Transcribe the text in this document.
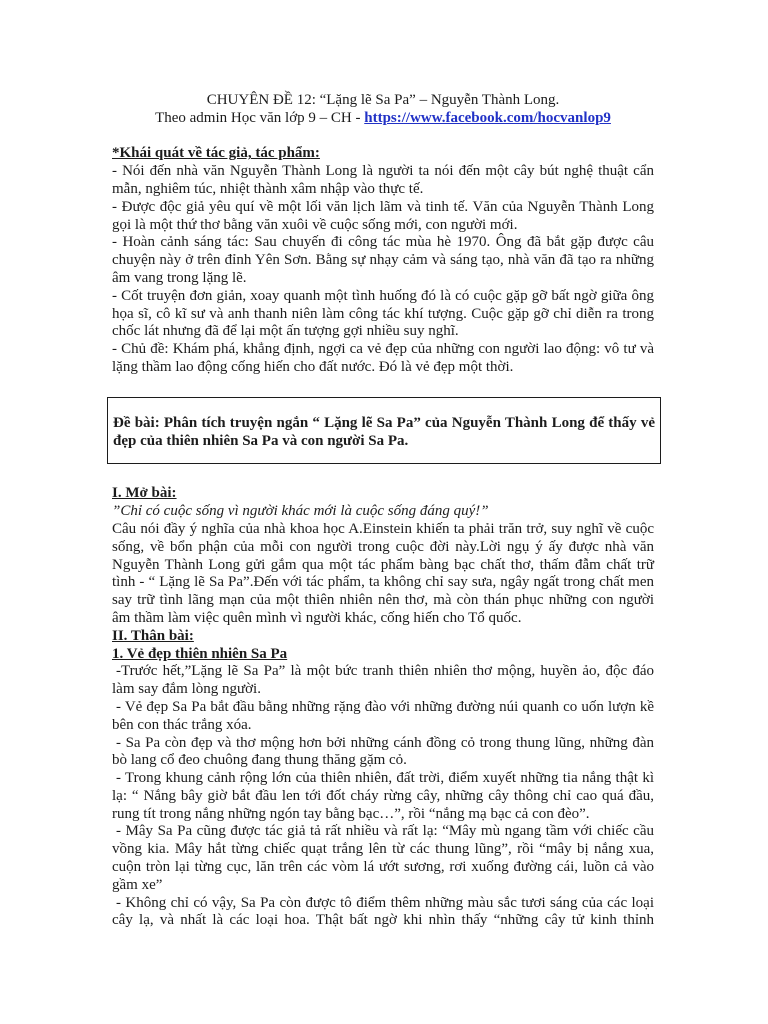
CHUYÊN ĐỀ 12: “Lặng lẽ Sa Pa” – Nguyễn Thành Long.
Theo admin Học văn lớp 9 – CH - https://www.facebook.com/hocvanlop9
*Khái quát về tác giả, tác phẩm:
- Nói đến nhà văn Nguyễn Thành Long là người ta nói đến một cây bút nghệ thuật cẩn
mẫn, nghiêm túc, nhiệt thành xâm nhập vào thực tế.
- Được độc giả yêu quí về một lối văn lịch lãm và tinh tế. Văn của Nguyễn Thành Long
gọi là một thứ thơ bằng văn xuôi về cuộc sống mới, con người mới.
- Hoàn cảnh sáng tác: Sau chuyến đi công tác mùa hè 1970. Ông đã bắt gặp được câu
chuyện này ở trên đỉnh Yên Sơn. Bằng sự nhạy cảm và sáng tạo, nhà văn đã tạo ra những
âm vang trong lặng lẽ.
- Cốt truyện đơn giản, xoay quanh một tình huống đó là có cuộc gặp gỡ bất ngờ giữa ông
họa sĩ, cô kĩ sư và anh thanh niên làm công tác khí tượng. Cuộc gặp gỡ chỉ diễn ra trong
chốc lát nhưng đã để lại một ấn tượng gợi nhiều suy nghĩ.
- Chủ đề: Khám phá, khẳng định, ngợi ca vẻ đẹp của những con người lao động: vô tư và
lặng thầm lao động cống hiến cho đất nước. Đó là vẻ đẹp một thời.
Đề bài: Phân tích truyện ngắn “ Lặng lẽ Sa Pa” của Nguyễn Thành Long để thấy vẻ
đẹp của thiên nhiên Sa Pa và con người Sa Pa.
I. Mở bài:
”Chỉ có cuộc sống vì người khác mới là cuộc sống đáng quý!”
Câu nói đầy ý nghĩa của nhà khoa học A.Einstein khiến ta phải trăn trở, suy nghĩ về cuộc
sống, về bổn phận của mỗi con người trong cuộc đời này.Lời ngụ ý ấy được nhà văn
Nguyễn Thành Long gửi gắm qua một tác phẩm bàng bạc chất thơ, thấm đẫm chất trữ
tình - “ Lặng lẽ Sa Pa”.Đến với tác phẩm, ta không chỉ say sưa, ngây ngất trong chất men
say trữ tình lãng mạn của một thiên nhiên nên thơ, mà còn thán phục những con người
âm thầm làm việc quên mình vì người khác, cống hiến cho Tổ quốc.
II. Thân bài:
1. Vẻ đẹp thiên nhiên Sa Pa
-Trước hết,”Lặng lẽ Sa Pa” là một bức tranh thiên nhiên thơ mộng, huyền ảo, độc đáo
làm say đắm lòng người.
- Vẻ đẹp Sa Pa bắt đầu bằng những rặng đào với những đường núi quanh co uốn lượn kề
bên con thác trắng xóa.
- Sa Pa còn đẹp và thơ mộng hơn bởi những cánh đồng cỏ trong thung lũng, những đàn
bò lang cổ đeo chuông đang thung thăng gặm cỏ.
- Trong khung cảnh rộng lớn của thiên nhiên, đất trời, điểm xuyết những tia nắng thật kì
lạ: “ Nắng bây giờ bắt đầu len tới đốt cháy rừng cây, những cây thông chỉ cao quá đầu,
rung tít trong nắng những ngón tay bằng bạc…”, rồi “nắng mạ bạc cả con đèo”.
- Mây Sa Pa cũng được tác giả tả rất nhiều và rất lạ: “Mây mù ngang tầm với chiếc cầu
vồng kia. Mây hắt từng chiếc quạt trắng lên từ các thung lũng”, rồi “mây bị nắng xua,
cuộn tròn lại từng cục, lăn trên các vòm lá ướt sương, rơi xuống đường cái, luồn cả vào
gầm xe”
- Không chỉ có vậy, Sa Pa còn được tô điểm thêm những màu sắc tươi sáng của các loại
cây lạ, và nhất là các loại hoa. Thật bất ngờ khi nhìn thấy “những cây tử kinh thỉnh
